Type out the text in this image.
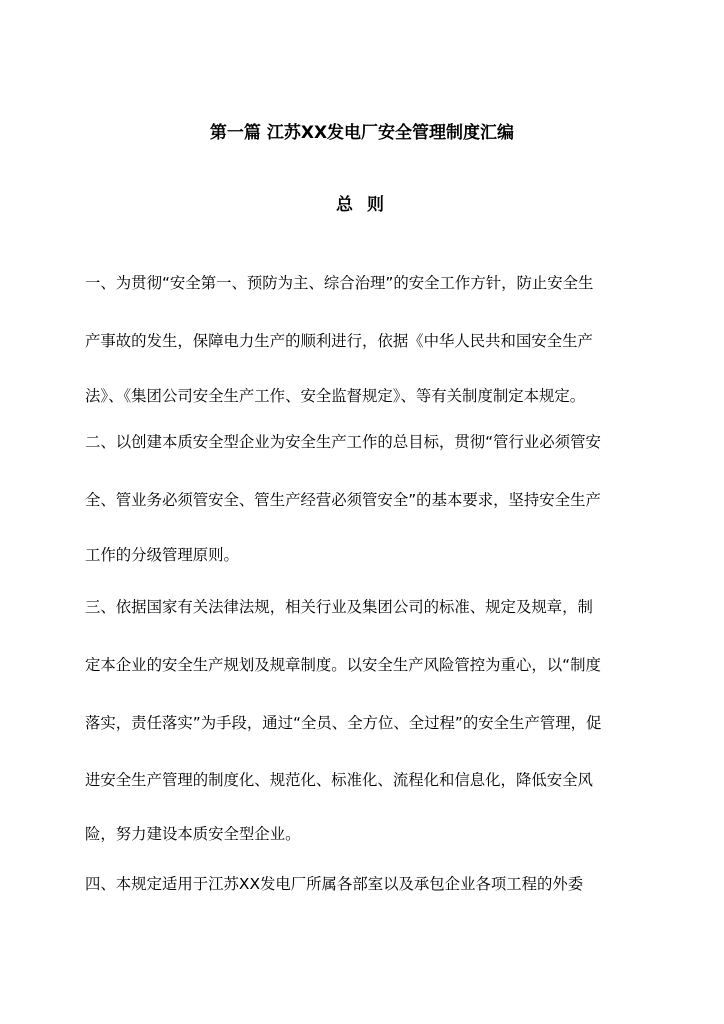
第一篇 江苏XX发电厂安全管理制度汇编
总 则
一、为贯彻“安全第一、预防为主、综合治理”的安全工作方针，防止安全生
产事故的发生，保障电力生产的顺利进行，依据《中华人民共和国安全生产
法》、《集团公司安全生产工作、安全监督规定》、等有关制度制定本规定。
二、以创建本质安全型企业为安全生产工作的总目标，贯彻“管行业必须管安
全、管业务必须管安全、管生产经营必须管安全”的基本要求，坚持安全生产
工作的分级管理原则。
三、依据国家有关法律法规，相关行业及集团公司的标准、规定及规章，制
定本企业的安全生产规划及规章制度。以安全生产风险管控为重心，以“制度
落实，责任落实”为手段，通过“全员、全方位、全过程”的安全生产管理，促
进安全生产管理的制度化、规范化、标准化、流程化和信息化，降低安全风
险，努力建设本质安全型企业。
四、本规定适用于江苏XX发电厂所属各部室以及承包企业各项工程的外委
